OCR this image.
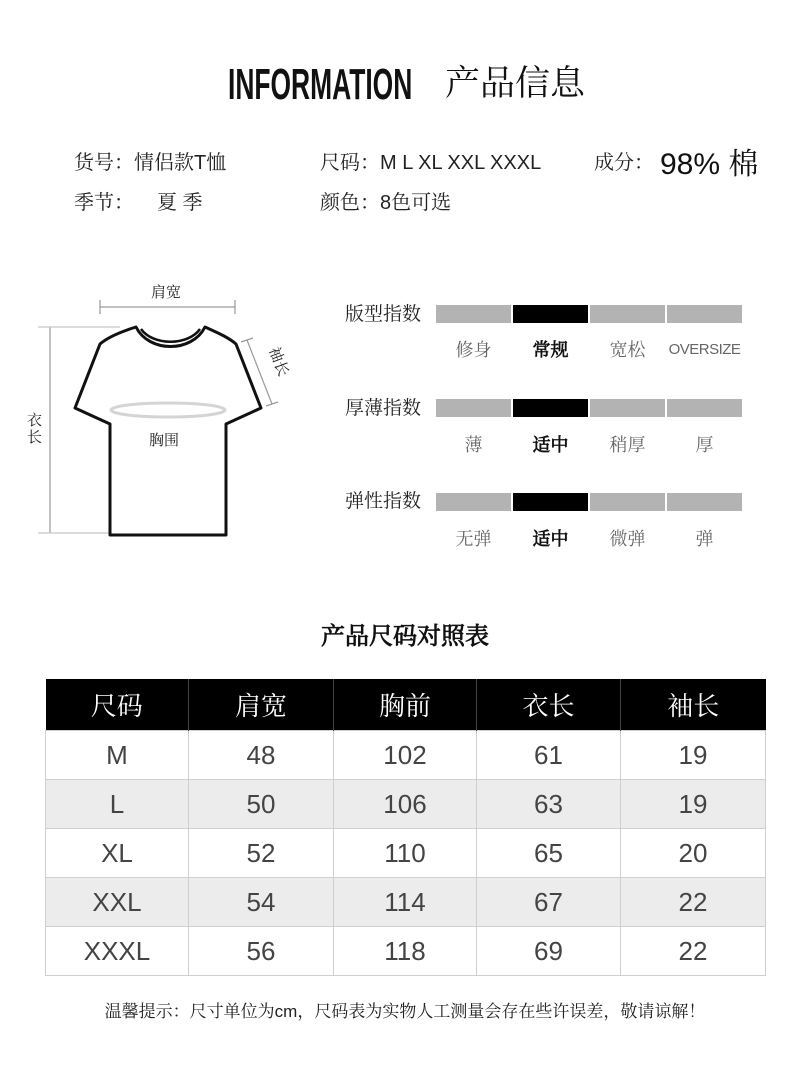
INFORMATION 产品信息
货号：情侣款T恤	尺码：M L XL XXL XXXL	成分： 98% 棉
季节： 夏 季	颜色：8色可选
肩宽
衣长
袖长
胸围
版型指数
修身	常规	宽松	OVERSIZE
厚薄指数
薄	适中	稍厚	厚
弹性指数
无弹	适中	微弹	弹
产品尺码对照表
尺码	肩宽	胸前	衣长	袖长
M	48	102	61	19
L	50	106	63	19
XL	52	110	65	20
XXL	54	114	67	22
XXXL	56	118	69	22
温馨提示：尺寸单位为cm，尺码表为实物人工测量会存在些许误差，敬请谅解！
